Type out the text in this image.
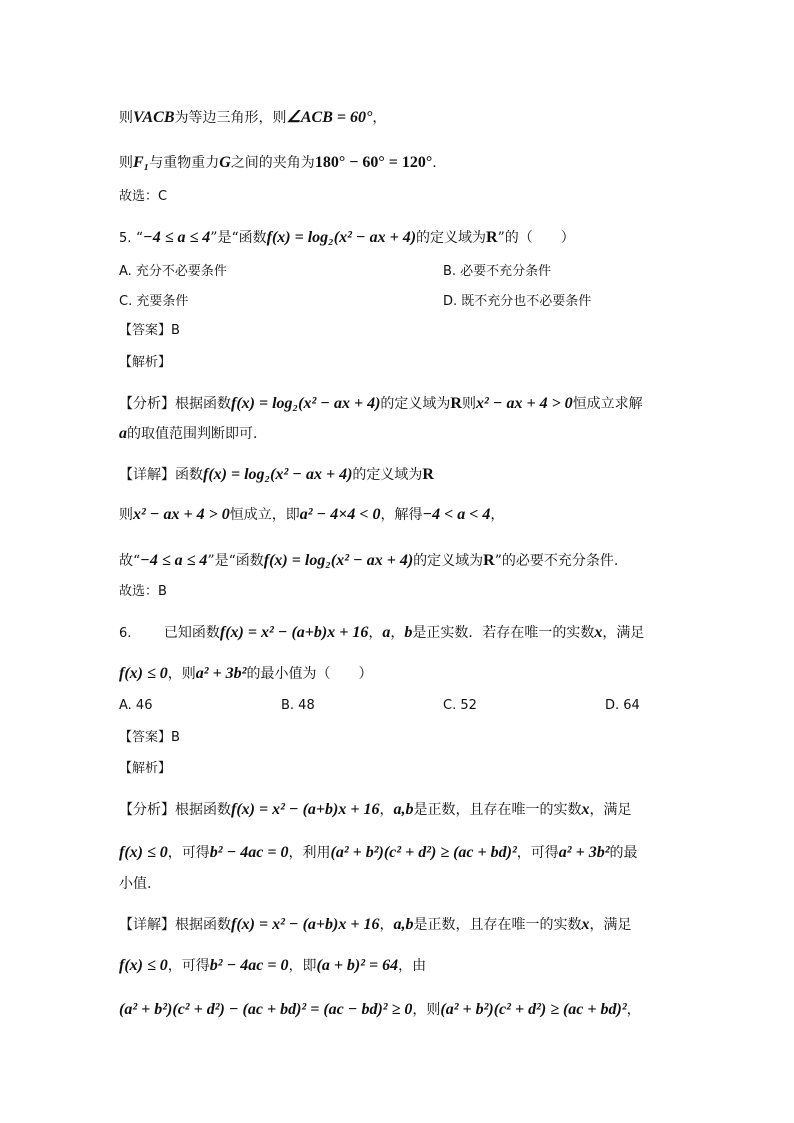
则VACB为等边三角形，则∠ACB = 60°，
则F₁与重物重力G之间的夹角为180° − 60° = 120°.
故选：C
5. “−4 ≤ a ≤ 4”是“函数f(x) = log₂(x² − ax + 4)的定义域为R”的（　　）
A. 充分不必要条件	B. 必要不充分条件
C. 充要条件	D. 既不充分也不必要条件
【答案】B
【解析】
【分析】根据函数f(x) = log₂(x² − ax + 4)的定义域为R则x² − ax + 4 > 0恒成立求解
a的取值范围判断即可.
【详解】函数f(x) = log₂(x² − ax + 4)的定义域为R
则x² − ax + 4 > 0恒成立，即a² − 4×4 < 0，解得−4 < a < 4，
故“−4 ≤ a ≤ 4”是“函数f(x) = log₂(x² − ax + 4)的定义域为R”的必要不充分条件.
故选：B
6. 已知函数f(x) = x² − (a+b)x + 16，a，b是正实数．若存在唯一的实数x，满足
f(x) ≤ 0，则a² + 3b²的最小值为（　　）
A. 46	B. 48	C. 52	D. 64
【答案】B
【解析】
【分析】根据函数f(x) = x² − (a+b)x + 16，a,b是正数，且存在唯一的实数x，满足
f(x) ≤ 0，可得b² − 4ac = 0，利用(a² + b²)(c² + d²) ≥ (ac + bd)²，可得a² + 3b²的最
小值.
【详解】根据函数f(x) = x² − (a+b)x + 16，a,b是正数，且存在唯一的实数x，满足
f(x) ≤ 0，可得b² − 4ac = 0，即(a + b)² = 64，由
(a² + b²)(c² + d²) − (ac + bd)² = (ac − bd)² ≥ 0，则(a² + b²)(c² + d²) ≥ (ac + bd)²，
